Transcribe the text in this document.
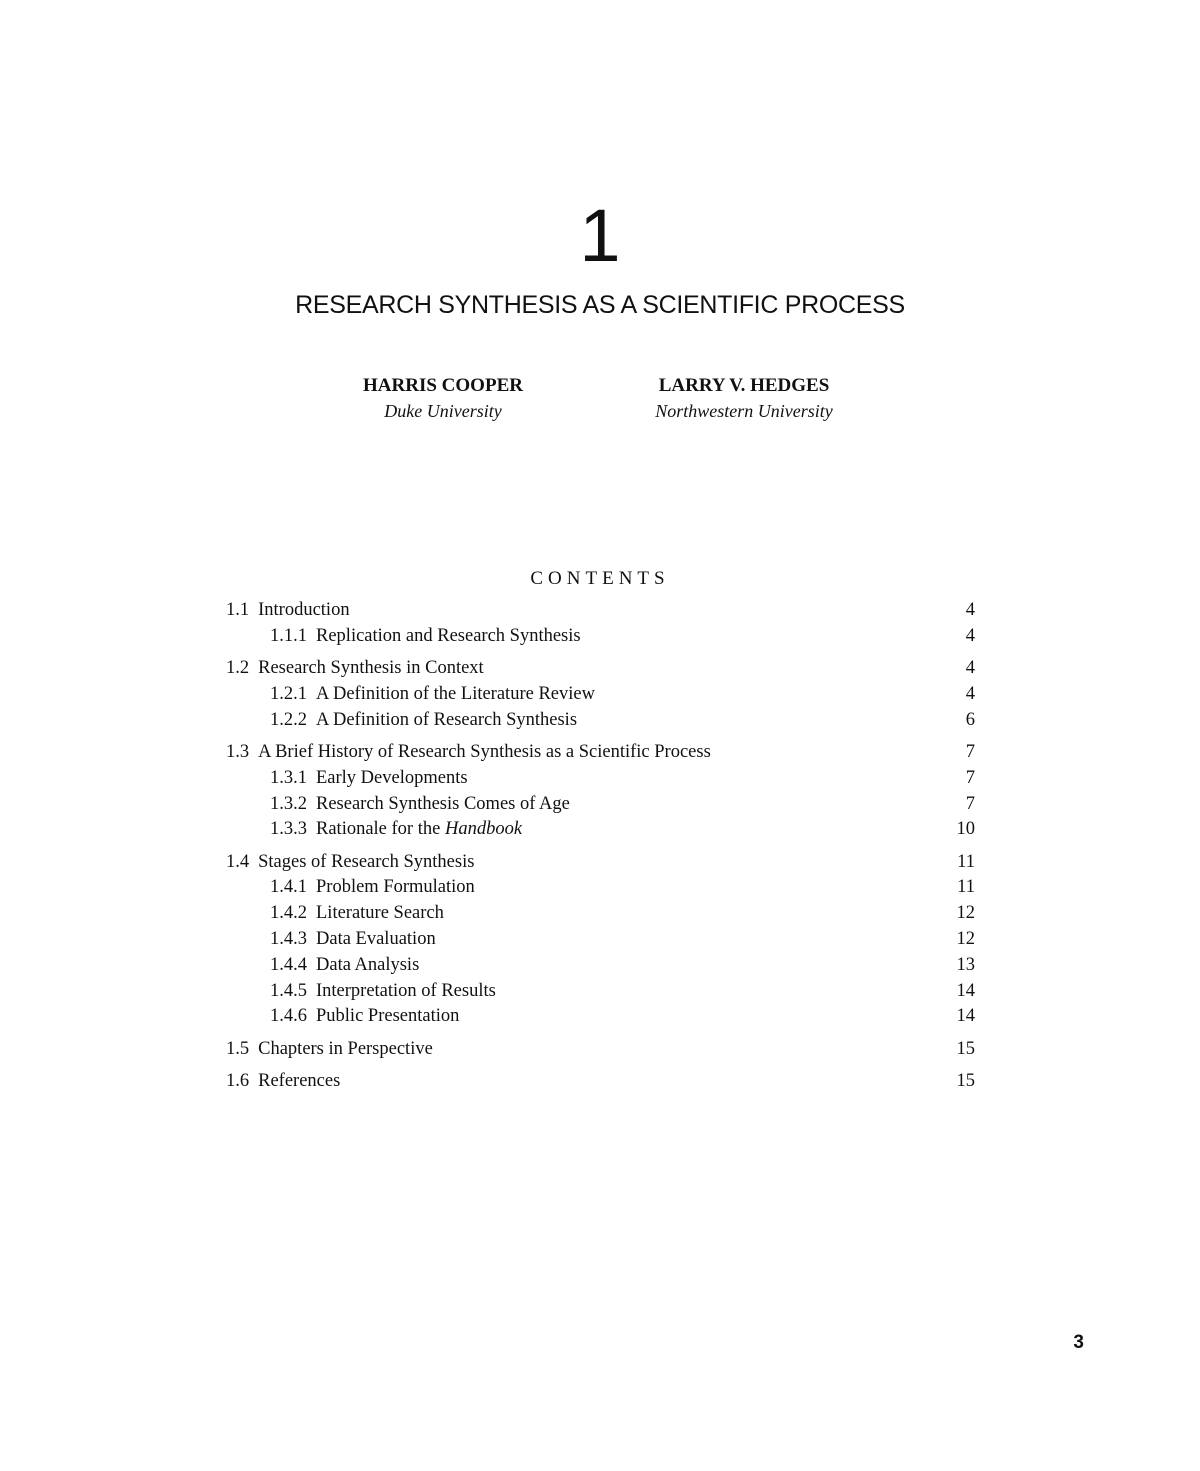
1
RESEARCH SYNTHESIS AS A SCIENTIFIC PROCESS
HARRIS COOPER
Duke University
LARRY V. HEDGES
Northwestern University
CONTENTS
1.1 Introduction	4
1.1.1 Replication and Research Synthesis	4
1.2 Research Synthesis in Context	4
1.2.1 A Definition of the Literature Review	4
1.2.2 A Definition of Research Synthesis	6
1.3 A Brief History of Research Synthesis as a Scientific Process	7
1.3.1 Early Developments	7
1.3.2 Research Synthesis Comes of Age	7
1.3.3 Rationale for the Handbook	10
1.4 Stages of Research Synthesis	11
1.4.1 Problem Formulation	11
1.4.2 Literature Search	12
1.4.3 Data Evaluation	12
1.4.4 Data Analysis	13
1.4.5 Interpretation of Results	14
1.4.6 Public Presentation	14
1.5 Chapters in Perspective	15
1.6 References	15
3
